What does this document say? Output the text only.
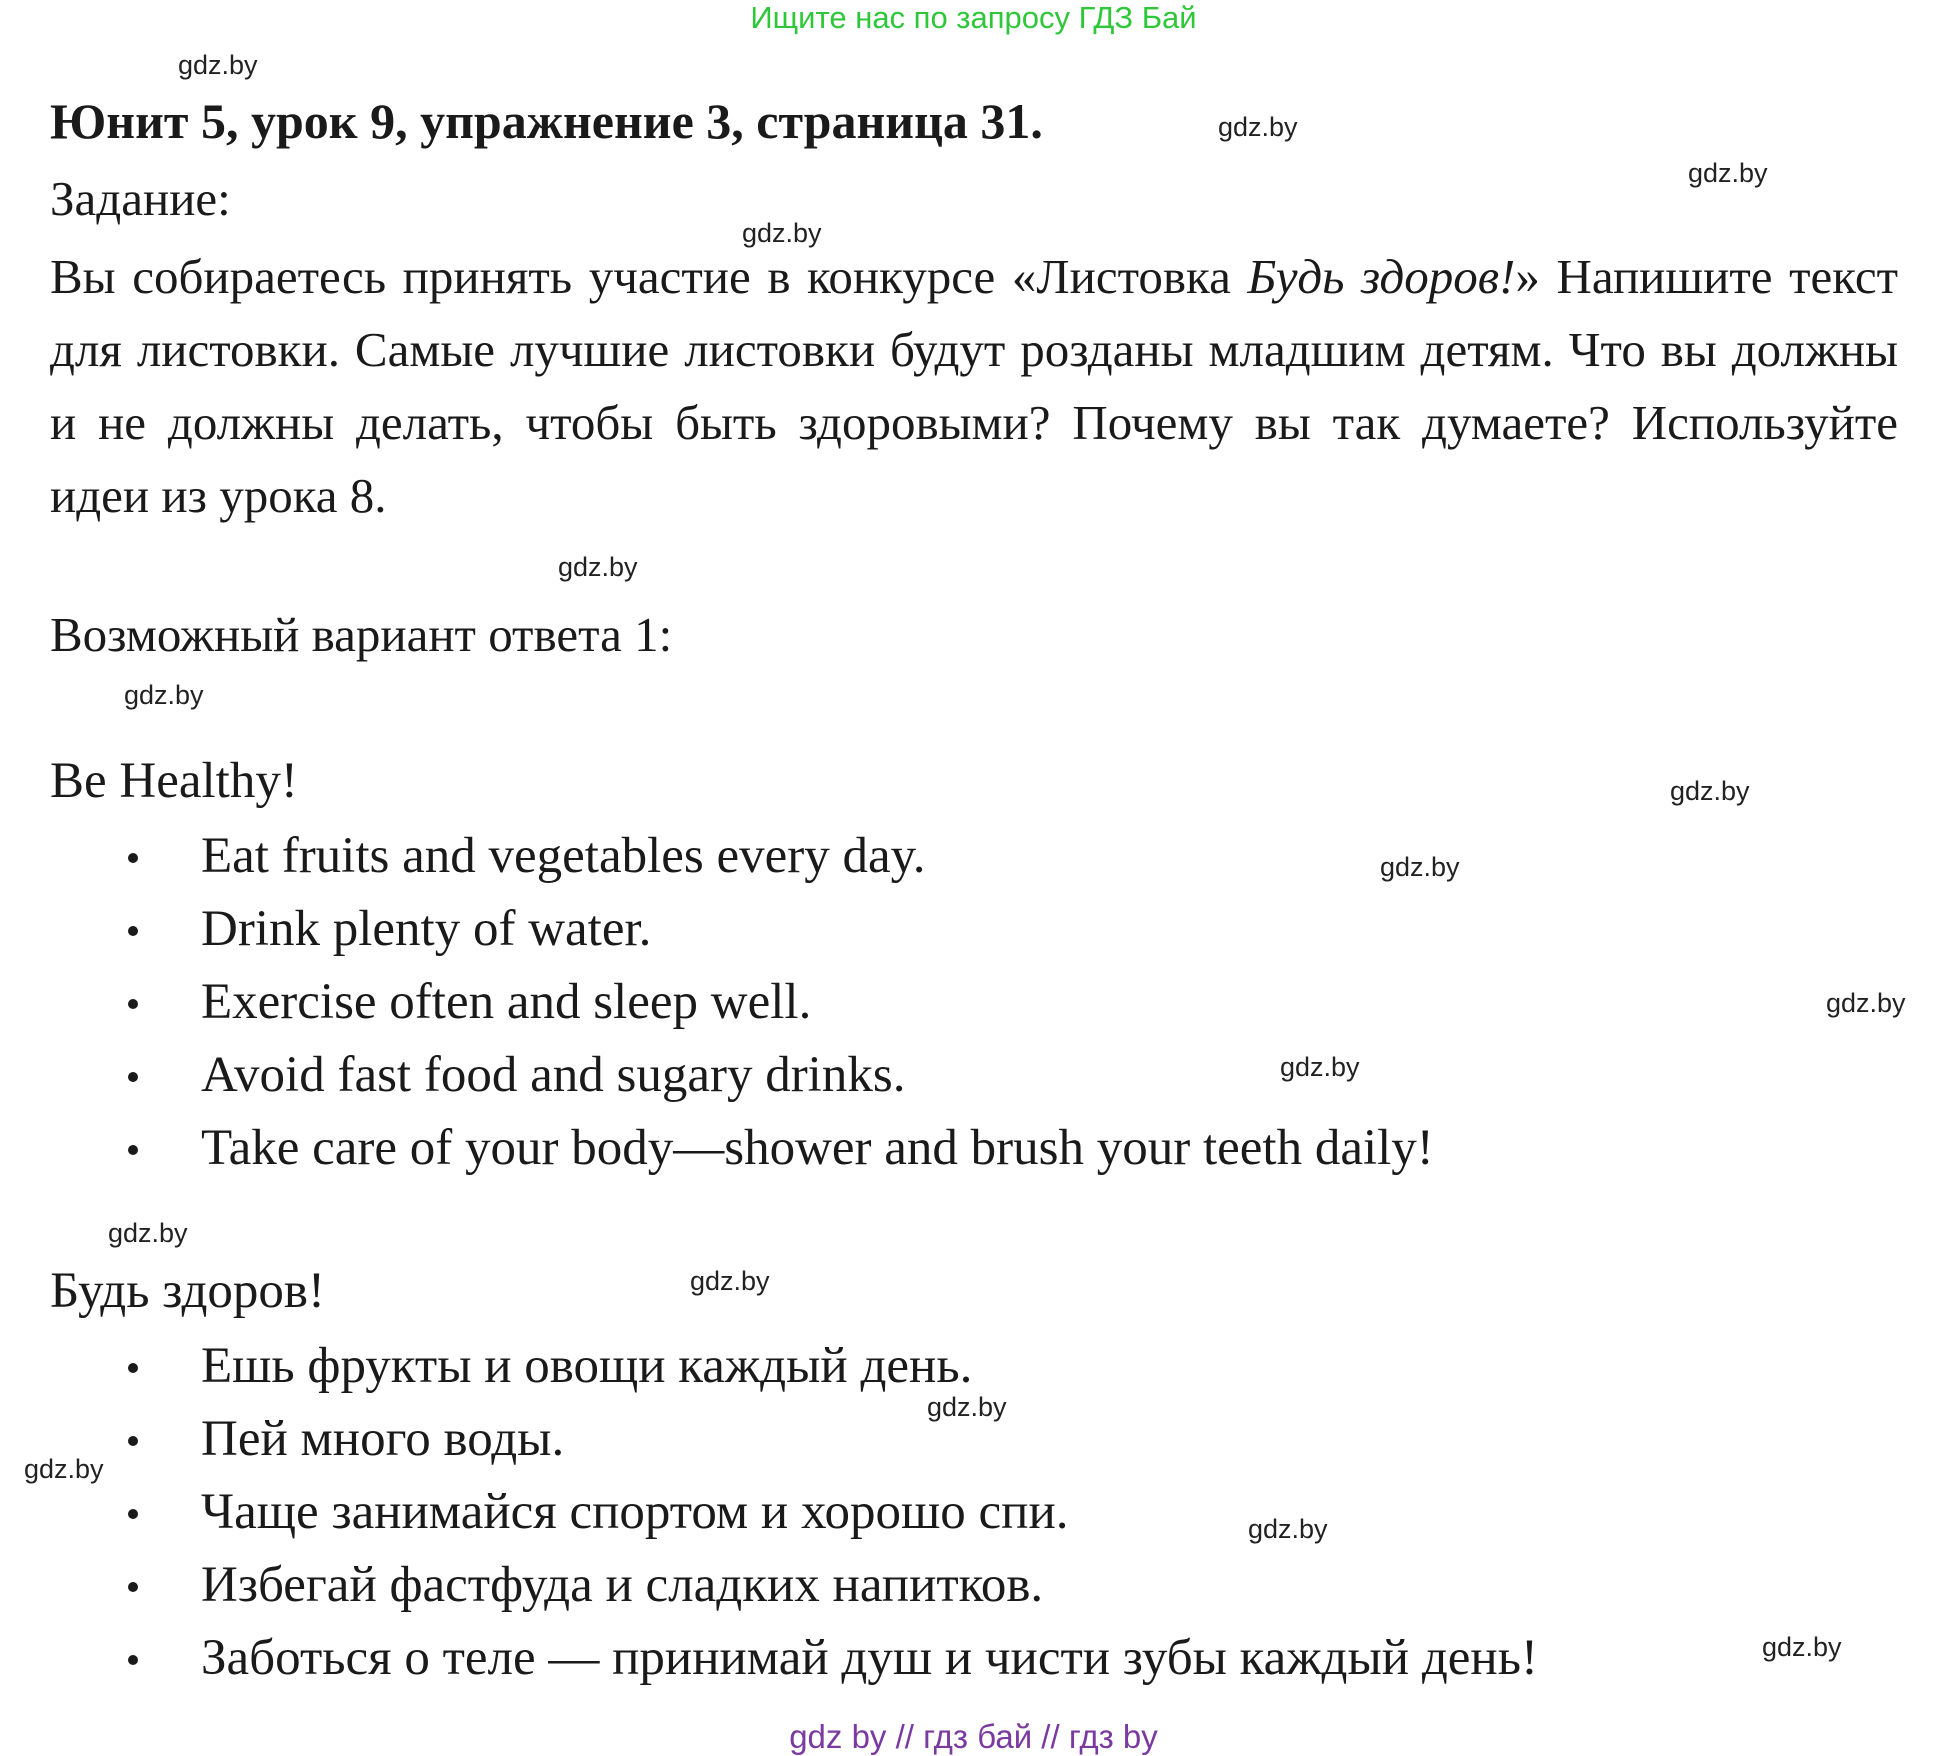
Ищите нас по запросу ГДЗ Бай
Юнит 5, урок 9, упражнение 3, страница 31.
Задание:
Вы собираетесь принять участие в конкурсе «Листовка Будь здоров!» Напишите текст для листовки. Самые лучшие листовки будут розданы младшим детям. Что вы должны и не должны делать, чтобы быть здоровыми? Почему вы так думаете? Используйте идеи из урока 8.
Возможный вариант ответа 1:
Be Healthy!
Eat fruits and vegetables every day.
Drink plenty of water.
Exercise often and sleep well.
Avoid fast food and sugary drinks.
Take care of your body—shower and brush your teeth daily!
Будь здоров!
Ешь фрукты и овощи каждый день.
Пей много воды.
Чаще занимайся спортом и хорошо спи.
Избегай фастфуда и сладких напитков.
Заботься о теле — принимай душ и чисти зубы каждый день!
gdz.by
gdz.by
gdz.by
gdz.by
gdz.by
gdz.by
gdz.by
gdz.by
gdz.by
gdz.by
gdz.by
gdz.by
gdz.by
gdz.by
gdz.by
gdz.by
gdz by // гдз бай // гдз by
